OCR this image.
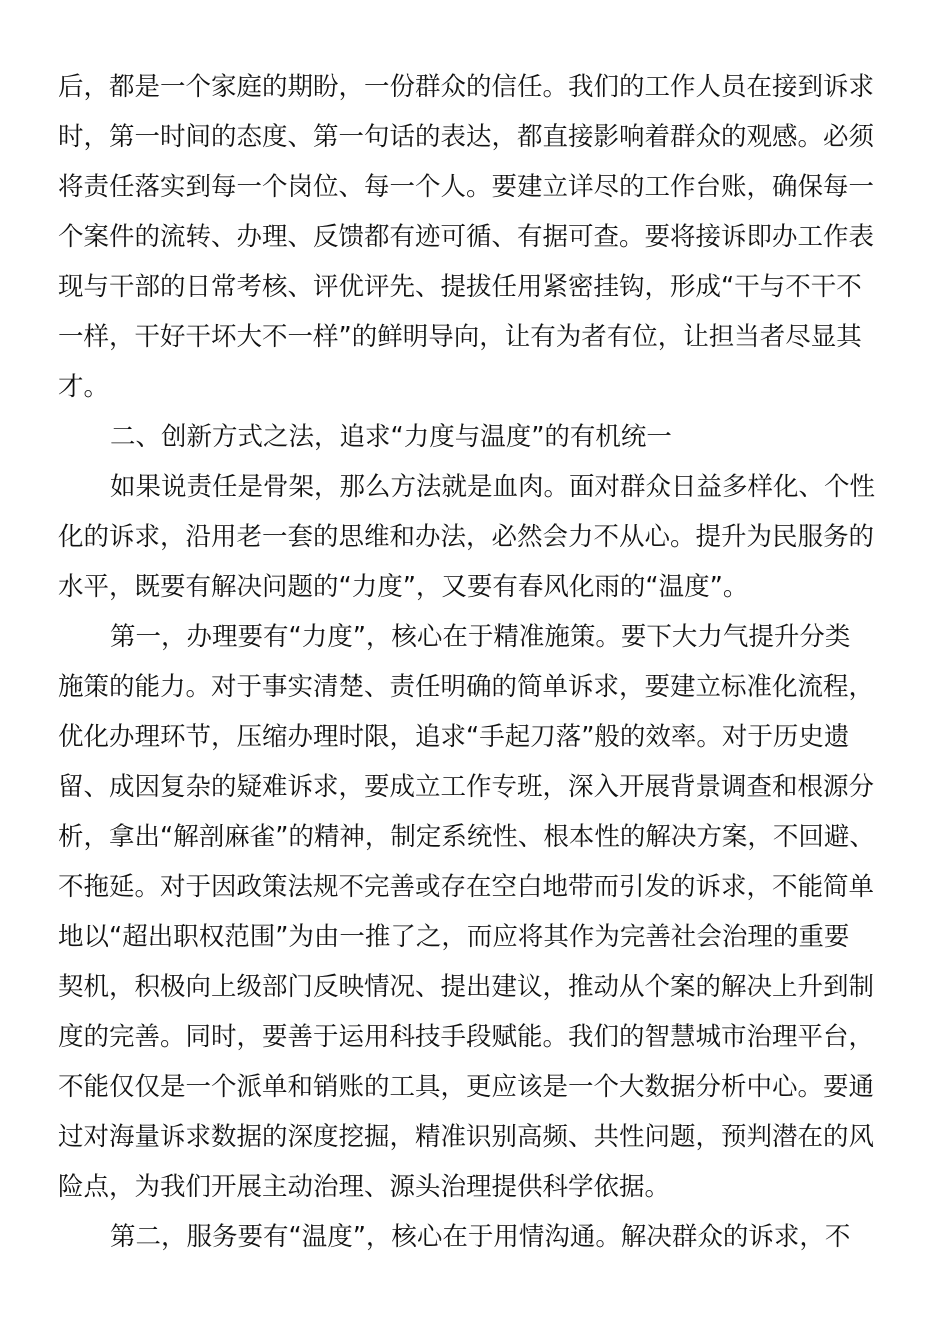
后，都是一个家庭的期盼，一份群众的信任。我们的工作人员在接到诉求
时，第一时间的态度、第一句话的表达，都直接影响着群众的观感。必须
将责任落实到每一个岗位、每一个人。要建立详尽的工作台账，确保每一
个案件的流转、办理、反馈都有迹可循、有据可查。要将接诉即办工作表
现与干部的日常考核、评优评先、提拔任用紧密挂钩，形成“干与不干不
一样，干好干坏大不一样”的鲜明导向，让有为者有位，让担当者尽显其
才。
二、创新方式之法，追求“力度与温度”的有机统一
如果说责任是骨架，那么方法就是血肉。面对群众日益多样化、个性
化的诉求，沿用老一套的思维和办法，必然会力不从心。提升为民服务的
水平，既要有解决问题的“力度”，又要有春风化雨的“温度”。
第一，办理要有“力度”，核心在于精准施策。要下大力气提升分类
施策的能力。对于事实清楚、责任明确的简单诉求，要建立标准化流程，
优化办理环节，压缩办理时限，追求“手起刀落”般的效率。对于历史遗
留、成因复杂的疑难诉求，要成立工作专班，深入开展背景调查和根源分
析，拿出“解剖麻雀”的精神，制定系统性、根本性的解决方案，不回避、
不拖延。对于因政策法规不完善或存在空白地带而引发的诉求，不能简单
地以“超出职权范围”为由一推了之，而应将其作为完善社会治理的重要
契机，积极向上级部门反映情况、提出建议，推动从个案的解决上升到制
度的完善。同时，要善于运用科技手段赋能。我们的智慧城市治理平台，
不能仅仅是一个派单和销账的工具，更应该是一个大数据分析中心。要通
过对海量诉求数据的深度挖掘，精准识别高频、共性问题，预判潜在的风
险点，为我们开展主动治理、源头治理提供科学依据。
第二，服务要有“温度”，核心在于用情沟通。解决群众的诉求，不
